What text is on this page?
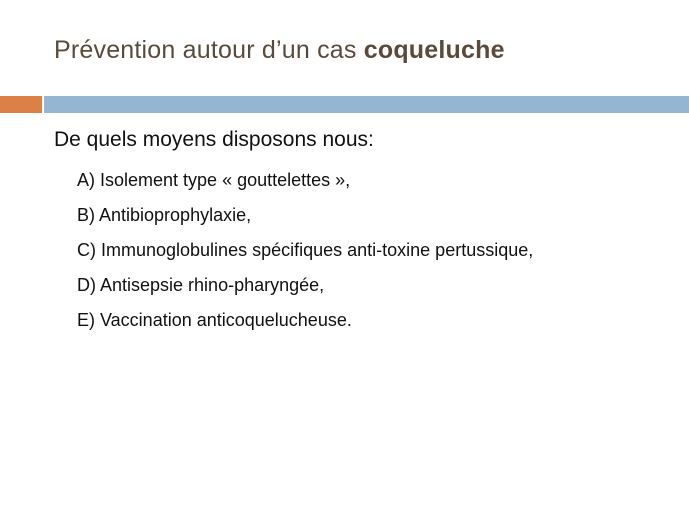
Prévention autour d’un cas coqueluche
De quels moyens disposons nous:
A) Isolement type « gouttelettes »,
B) Antibioprophylaxie,
C) Immunoglobulines spécifiques anti-toxine pertussique,
D) Antisepsie rhino-pharyngée,
E) Vaccination anticoquelucheuse.
